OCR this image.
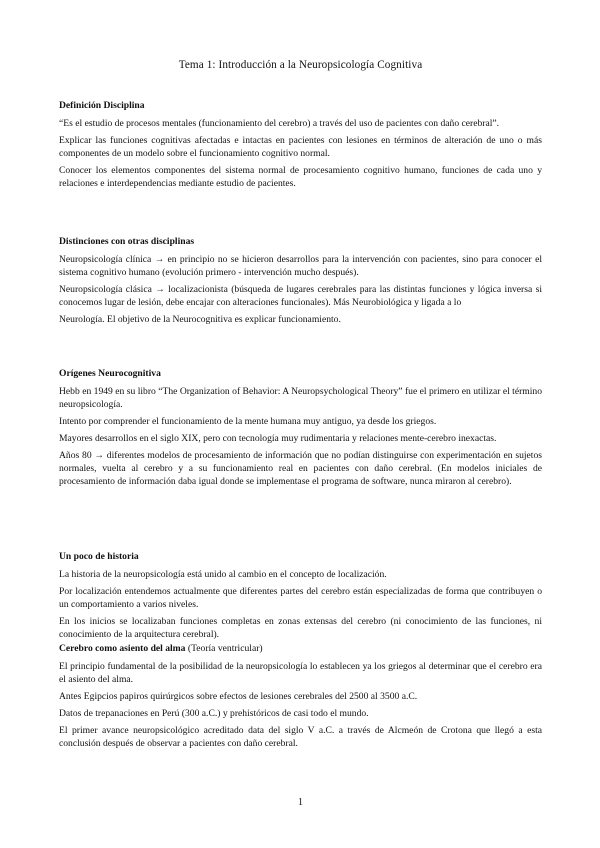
Tema 1: Introducción a la Neuropsicología Cognitiva
Definición Disciplina

“Es el estudio de procesos mentales (funcionamiento del cerebro) a través del uso de pacientes con daño cerebral”.

Explicar las funciones cognitivas afectadas e intactas en pacientes con lesiones en términos de alteración de uno o más componentes de un modelo sobre el funcionamiento cognitivo normal.

Conocer los elementos componentes del sistema normal de procesamiento cognitivo humano, funciones de cada uno y relaciones e interdependencias mediante estudio de pacientes.

Distinciones con otras disciplinas

Neuropsicología clínica → en principio no se hicieron desarrollos para la intervención con pacientes, sino para conocer el sistema cognitivo humano (evolución primero - intervención mucho después).

Neuropsicología clásica → localizacionista (búsqueda de lugares cerebrales para las distintas funciones y lógica inversa si conocemos lugar de lesión, debe encajar con alteraciones funcionales). Más Neurobiológica y ligada a lo

Neurología. El objetivo de la Neurocognitiva es explicar funcionamiento.

Orígenes Neurocognitiva

Hebb en 1949 en su libro “The Organization of Behavior: A Neuropsychological Theory” fue el primero en utilizar el término neuropsicología.

Intento por comprender el funcionamiento de la mente humana muy antiguo, ya desde los griegos.

Mayores desarrollos en el siglo XIX, pero con tecnología muy rudimentaria y relaciones mente-cerebro inexactas.

Años 80 → diferentes modelos de procesamiento de información que no podían distinguirse con experimentación en sujetos normales, vuelta al cerebro y a su funcionamiento real en pacientes con daño cerebral. (En modelos iniciales de procesamiento de información daba igual donde se implementase el programa de software, nunca miraron al cerebro).

Un poco de historia

La historia de la neuropsicología está unido al cambio en el concepto de localización.

Por localización entendemos actualmente que diferentes partes del cerebro están especializadas de forma que contribuyen o un comportamiento a varios niveles.

En los inicios se localizaban funciones completas en zonas extensas del cerebro (ni conocimiento de las funciones, ni conocimiento de la arquitectura cerebral).

Cerebro como asiento del alma (Teoría ventricular)

El principio fundamental de la posibilidad de la neuropsicología lo establecen ya los griegos al determinar que el cerebro era el asiento del alma.

Antes Egipcios papiros quirúrgicos sobre efectos de lesiones cerebrales del 2500 al 3500 a.C.

Datos de trepanaciones en Perú (300 a.C.) y prehistóricos de casi todo el mundo.

El primer avance neuropsicológico acreditado data del siglo V a.C. a través de Alcmeón de Crotona que llegó a esta conclusión después de observar a pacientes con daño cerebral.

1
